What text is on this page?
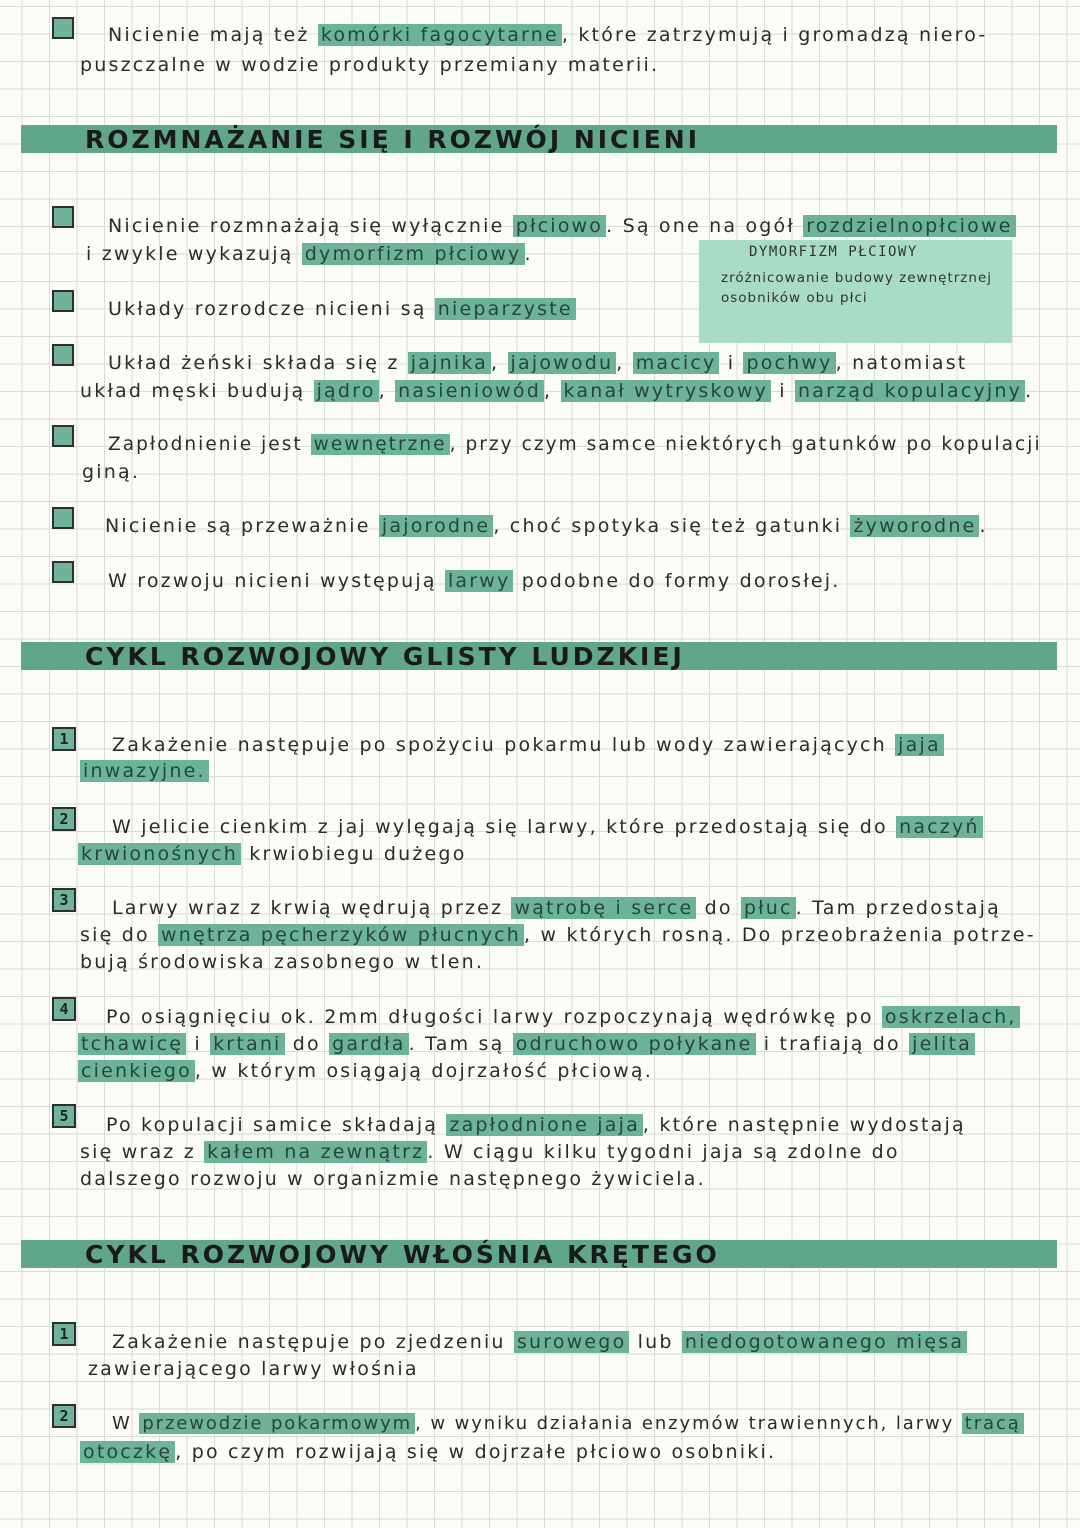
Nicienie mają też komórki fagocytarne , które zatrzymują i gromadzą niero-
puszczalne w wodzie produkty przemiany materii.
ROZMNAŻANIE SIĘ I ROZWÓJ NICIENI
Nicienie rozmnażają się wyłącznie płciowo . Są one na ogół rozdzielnopłciowe
i zwykle wykazują dymorfizm płciowy .	DYMORFIZM PŁCIOWY
zróżnicowanie budowy zewnętrznej osobników obu płci
Układy rozrodcze nicieni są nieparzyste
Układ żeński składa się z jajnika , jajowodu , macicy i pochwy , natomiast
układ męski budują jądro , nasieniowód , kanał wytryskowy i narząd kopulacyjny .
Zapłodnienie jest wewnętrzne , przy czym samce niektórych gatunków po kopulacji
giną.
Nicienie są przeważnie jajorodne , choć spotyka się też gatunki żyworodne .
W rozwoju nicieni występują larwy podobne do formy dorosłej.
CYKL ROZWOJOWY GLISTY LUDZKIEJ
1	Zakażenie następuje po spożyciu pokarmu lub wody zawierających jaja
inwazyjne.
2	W jelicie cienkim z jaj wylęgają się larwy, które przedostają się do naczyń
krwionośnych krwiobiegu dużego
3	Larwy wraz z krwią wędrują przez wątrobę i serce do płuc . Tam przedostają
się do wnętrza pęcherzyków płucnych , w których rosną. Do przeobrażenia potrze-
bują środowiska zasobnego w tlen.
4	Po osiągnięciu ok. 2mm długości larwy rozpoczynają wędrówkę po oskrzelach,
tchawicę i krtani do gardła . Tam są odruchowo połykane i trafiają do jelita
cienkiego , w którym osiągają dojrzałość płciową.
5	Po kopulacji samice składają zapłodnione jaja , które następnie wydostają
się wraz z kałem na zewnątrz . W ciągu kilku tygodni jaja są zdolne do
dalszego rozwoju w organizmie następnego żywiciela.
CYKL ROZWOJOWY WŁOŚNIA KRĘTEGO
1	Zakażenie następuje po zjedzeniu surowego lub niedogotowanego mięsa
zawierającego larwy włośnia
2	W przewodzie pokarmowym , w wyniku działania enzymów trawiennych, larwy tracą
otoczkę , po czym rozwijają się w dojrzałe płciowo osobniki.
